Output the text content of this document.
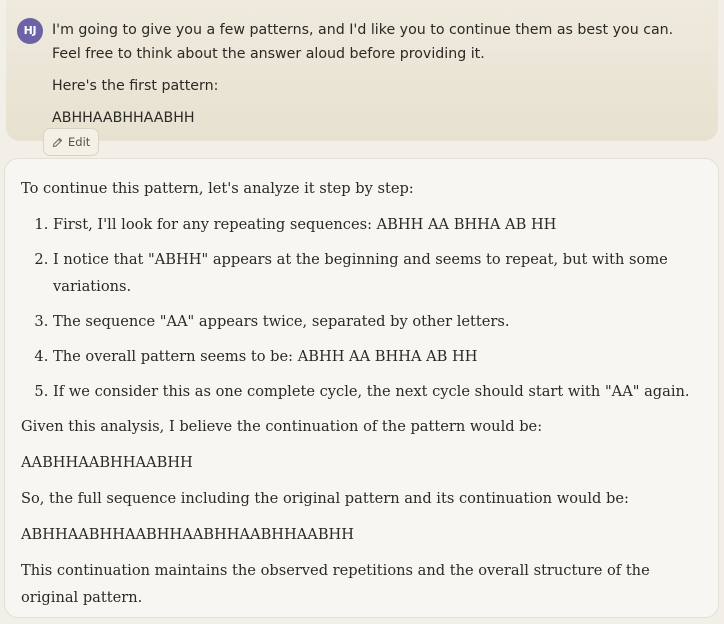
HJ	I'm going to give you a few patterns, and I'd like you to continue them as best you can. Feel free to think about the answer aloud before providing it.

Here's the first pattern:

ABHHAABHHAABHH

Edit

To continue this pattern, let's analyze it step by step:

1. First, I'll look for any repeating sequences: ABHH AA BHHA AB HH
2. I notice that "ABHH" appears at the beginning and seems to repeat, but with some variations.
3. The sequence "AA" appears twice, separated by other letters.
4. The overall pattern seems to be: ABHH AA BHHA AB HH
5. If we consider this as one complete cycle, the next cycle should start with "AA" again.

Given this analysis, I believe the continuation of the pattern would be:

AABHHAABHHAABHH

So, the full sequence including the original pattern and its continuation would be:

ABHHAABHHAABHHAABHHAABHHAABHH

This continuation maintains the observed repetitions and the overall structure of the original pattern.
